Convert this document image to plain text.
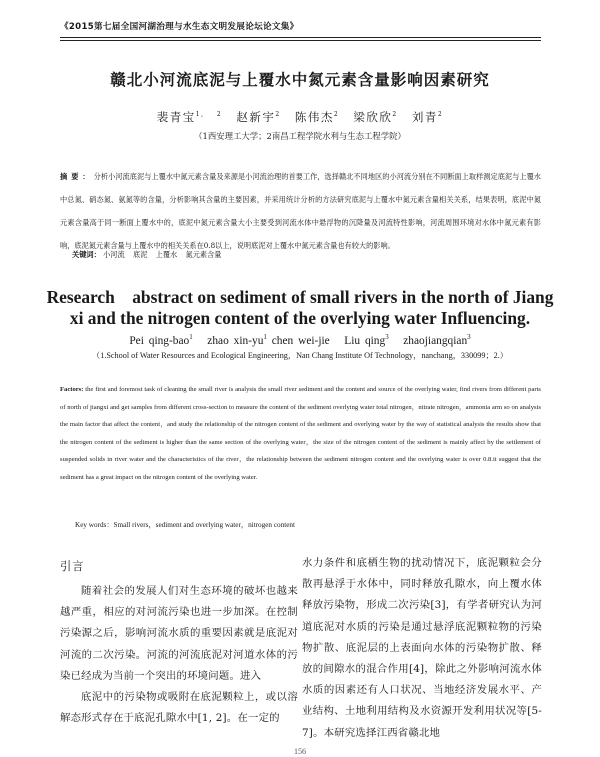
《2015第七届全国河湖治理与水生态文明发展论坛论文集》
赣北小河流底泥与上覆水中氮元素含量影响因素研究
裴青宝$^{1, 2}$ 赵新宇$^2$ 陈伟杰$^2$ 梁欣欣$^2$ 刘青$^2$
（1西安理工大学；2南昌工程学院水利与生态工程学院）

摘要：分析小河流底泥与上覆水中氮元素含量及来源是小河流治理的首要工作，选择赣北不同地区的小河流分别在不同断面上取样测定底泥与上覆水中总氮、硝态氮、氨氮等的含量，分析影响其含量的主要因素，并采用统计分析的方法研究底泥与上覆水中氮元素含量相关关系，结果表明，底泥中氮元素含量高于同一断面上覆水中的，底泥中氮元素含量大小主要受到河流水体中悬浮物的沉降量及河流特性影响，河流周围环境对水体中氮元素有影响，底泥氮元素含量与上覆水中的相关关系在0.8以上，说明底泥对上覆水中氮元素含量也有较大的影响。

关键词： 小河流 底泥 上覆水 氮元素含量
Research    abstract on sediment of small rivers in the north of Jiang
xi and the nitrogen content of the overlying water Influencing.
Pei qing-bao$^1$ zhao xin-$yu^1$ chen wei-jie Liu qing$^3$ zhaojiangqian$^3$
（1.School of Water Resources and Ecological Engineering，Nan Chang Institute Of Technology，nanchang，330099；2.）

Factors: the first and foremost task of cleaning the small river is analysis the small river sediment and the content and source of the overlying water, find rivers from different parts of north of jiangxi and get samples from different cross-section to measure the content of the sediment overlying water total nitrogen，nitrate nitrogen，ammonia arm so on analysis the main factor that affect the content，and study the relationship of the nitrogen content of the sediment and overlying water by the way of statistical analysis the results show that the nitrogen content of the sediment is higher than the same section of the overlying water，the size of the nitrogen content of the sediment is mainly affect by the settlement of suspended solids in river water and the characteristics of the river，the relationship between the sediment nitrogen content and the overlying water is over 0.8.it suggest that the sediment has a great impact on the nitrogen content of the overlying water.

Key words：Small rivers，sediment and overlying water，nitrogen content
引言

随着社会的发展人们对生态环境的破坏也越来越严重，相应的对河流污染也进一步加深。在控制污染源之后，影响河流水质的重要因素就是底泥对河流的二次污染。河流的河流底泥对河道水体的污染已经成为当前一个突出的环境问题。进入

底泥中的污染物或吸附在底泥颗粒上，或以溶解态形式存在于底泥孔隙水中[1, 2]。在一定的

水力条件和底栖生物的扰动情况下，底泥颗粒会分散再悬浮于水体中，同时释放孔隙水，向上覆水体释放污染物，形成二次污染[3]，有学者研究认为河道底泥对水质的污染是通过悬浮底泥颗粒物的污染物扩散、底泥层的上表面向水体的污染物扩散、释放的间隙水的混合作用[4]，除此之外影响河流水体水质的因素还有人口状况、当地经济发展水平、产业结构、土地利用结构及水资源开发利用状况等[5-7]。本研究选择江西省赣北地

156
